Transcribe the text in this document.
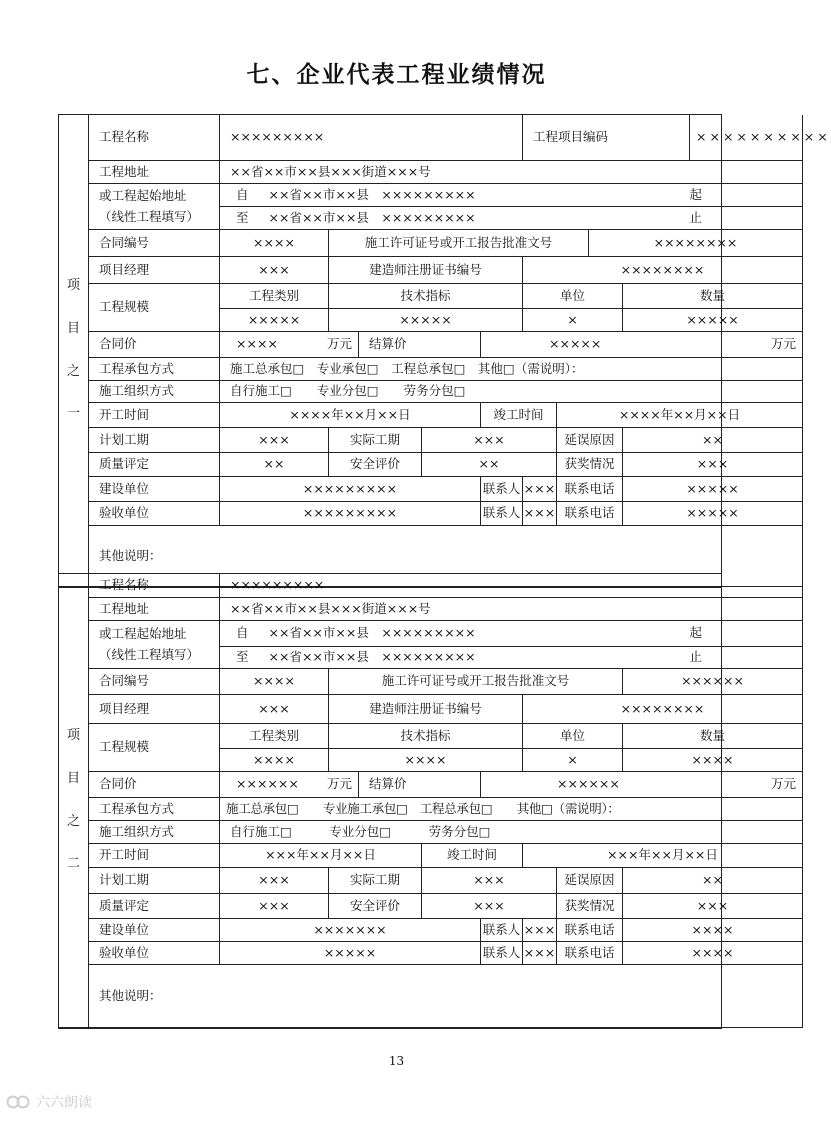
七、企业代表工程业绩情况
项
目
之
一
工程名称	×××××××××	工程项目编码	××××××××××
工程地址	××省××市××县×××街道×××号
或工程起始地址
（线性工程填写）
自 ××省××市××县　×××××××××	起
至 ××省××市××县　×××××××××	止
合同编号	××××	施工许可证号或开工报告批准文号	××××××××
项目经理	×××	建造师注册证书编号	××××××××
工程规模
工程类别	技术指标	单位	数量
×××××	×××××	×	×××××
合同价	××××	万元	结算价	×××××	万元
工程承包方式	施工总承包□　专业承包□　工程总承包□　其他□（需说明）：
施工组织方式	自行施工□　　专业分包□　　劳务分包□
开工时间	××××年××月××日	竣工时间	××××年××月××日
计划工期	×××	实际工期	×××	延误原因	××
质量评定	××	安全评价	××	获奖情况	×××
建设单位	×××××××××	联系人 ××× 联系电话	×××××
验收单位	×××××××××	联系人 ××× 联系电话	×××××
其他说明：
项
目
之
二
工程名称	×××××××××
工程地址	××省××市××县×××街道×××号
或工程起始地址
（线性工程填写）
自 ××省××市××县　×××××××××	起
至 ××省××市××县　×××××××××	止
合同编号	××××	施工许可证号或开工报告批准文号	××××××
项目经理	×××	建造师注册证书编号	××××××××
工程规模
工程类别	技术指标	单位	数量
××××	××××	×	××××
合同价	×××××× 万元	结算价	××××××	万元
工程承包方式	施工总承包□　　专业施工承包□　工程总承包□　　其他□（需说明）：
施工组织方式	自行施工□　　　专业分包□　　　劳务分包□
开工时间	×××年××月××日	竣工时间	×××年××月××日
计划工期	×××	实际工期	×××	延误原因	××
质量评定	×××	安全评价	×××	获奖情况	×××
建设单位	×××××××	联系人 ××× 联系电话	××××
验收单位	×××××	联系人 ××× 联系电话	××××
其他说明：
13
六六朗读
